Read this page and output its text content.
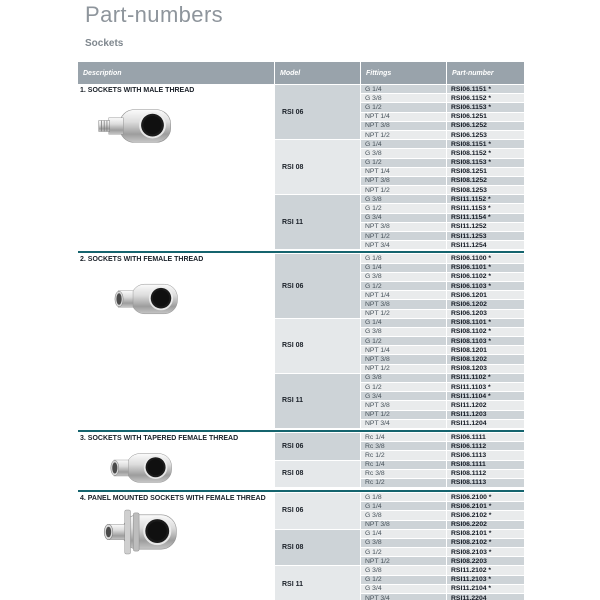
Part-numbers
Sockets
Description	Model	Fittings	Part-number
1. SOCKETS WITH MALE THREAD
RSI 06
G 1/4	RSI06.1151 *
G 3/8	RSI06.1152 *
G 1/2	RSI06.1153 *
NPT 1/4	RSI06.1251
NPT 3/8	RSI06.1252
NPT 1/2	RSI06.1253
RSI 08
G 1/4	RSI08.1151 *
G 3/8	RSI08.1152 *
G 1/2	RSI08.1153 *
NPT 1/4	RSI08.1251
NPT 3/8	RSI08.1252
NPT 1/2	RSI08.1253
RSI 11
G 3/8	RSI11.1152 *
G 1/2	RSI11.1153 *
G 3/4	RSI11.1154 *
NPT 3/8	RSI11.1252
NPT 1/2	RSI11.1253
NPT 3/4	RSI11.1254
2. SOCKETS WITH FEMALE THREAD
RSI 06
G 1/8	RSI06.1100 *
G 1/4	RSI06.1101 *
G 3/8	RSI06.1102 *
G 1/2	RSI06.1103 *
NPT 1/4	RSI06.1201
NPT 3/8	RSI06.1202
NPT 1/2	RSI06.1203
RSI 08
G 1/4	RSI08.1101 *
G 3/8	RSI08.1102 *
G 1/2	RSI08.1103 *
NPT 1/4	RSI08.1201
NPT 3/8	RSI08.1202
NPT 1/2	RSI08.1203
RSI 11
G 3/8	RSI11.1102 *
G 1/2	RSI11.1103 *
G 3/4	RSI11.1104 *
NPT 3/8	RSI11.1202
NPT 1/2	RSI11.1203
NPT 3/4	RSI11.1204
3. SOCKETS WITH TAPERED FEMALE THREAD
RSI 06
Rc 1/4	RSI06.1111
Rc 3/8	RSI06.1112
Rc 1/2	RSI06.1113
RSI 08
Rc 1/4	RSI08.1111
Rc 3/8	RSI08.1112
Rc 1/2	RSI08.1113
4. PANEL MOUNTED SOCKETS WITH FEMALE THREAD
RSI 06
G 1/8	RSI06.2100 *
G 1/4	RSI06.2101 *
G 3/8	RSI06.2102 *
NPT 3/8	RSI06.2202
RSI 08
G 1/4	RSI08.2101 *
G 3/8	RSI08.2102 *
G 1/2	RSI08.2103 *
NPT 1/2	RSI08.2203
RSI 11
G 3/8	RSI11.2102 *
G 1/2	RSI11.2103 *
G 3/4	RSI11.2104 *
NPT 3/4	RSI11.2204
